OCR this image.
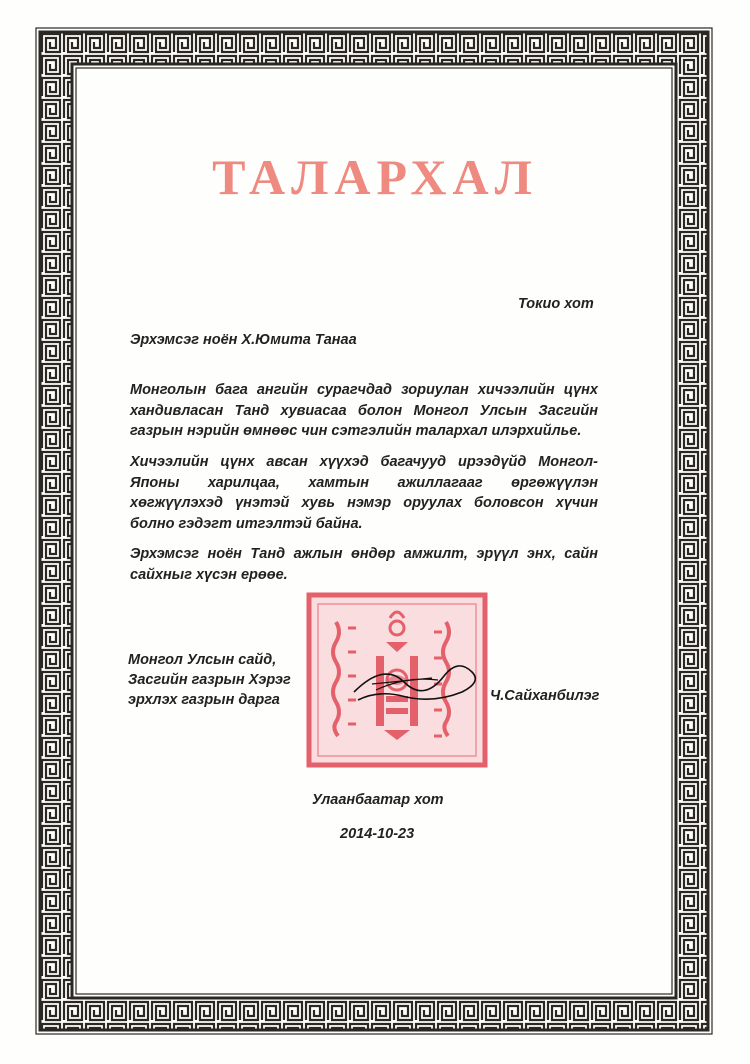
ТАЛАРХАЛ
Токио хот
Эрхэмсэг ноён Х.Юмита Танаа
Монголын бага ангийн сурагчдад зориулан хичээлийн цүнх
хандивласан Танд хувиасаа болон Монгол Улсын Засгийн
газрын нэрийн өмнөөс чин сэтгэлийн талархал илэрхийлье.
Хичээлийн цүнх авсан хүүхэд багачууд ирээдүйд Монгол-
Японы харилцаа, хамтын ажиллагааг өргөжүүлэн
хөгжүүлэхэд үнэтэй хувь нэмэр оруулах боловсон хүчин
болно гэдэгт итгэлтэй байна.
Эрхэмсэг ноён Танд ажлын өндөр амжилт, эрүүл энх, сайн
сайхныг хүсэн ерөөе.
Монгол Улсын сайд,
Засгийн газрын Хэрэг
эрхлэх газрын дарга	Ч.Сайханбилэг
Улаанбаатар хот
2014-10-23
